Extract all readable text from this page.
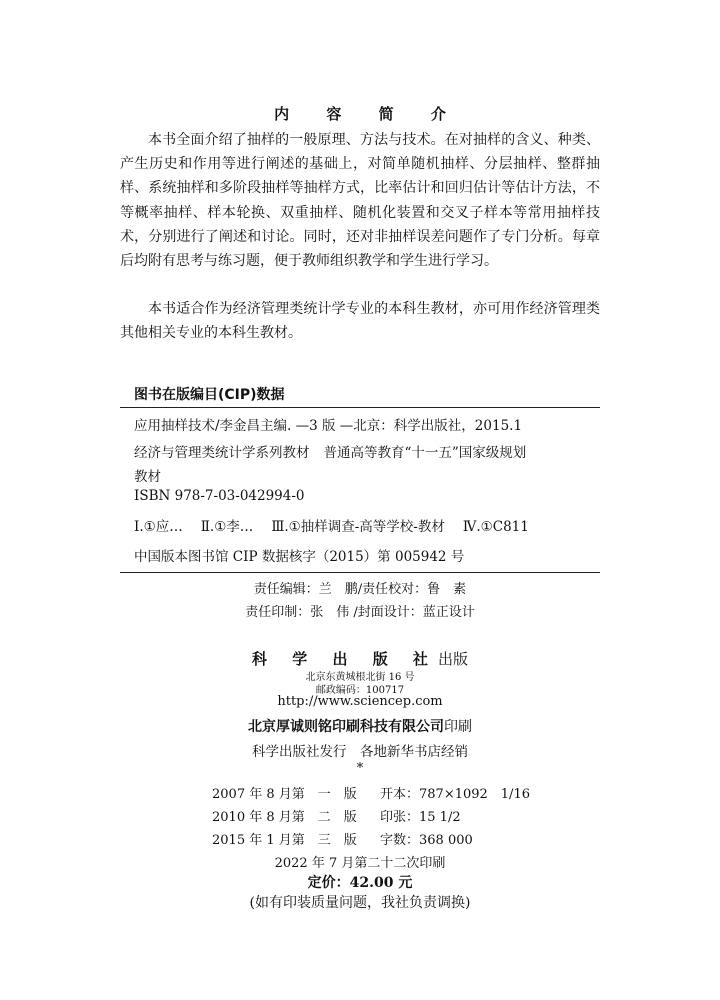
内 容 简 介

本书全面介绍了抽样的一般原理、方法与技术。在对抽样的含义、种类、产生历史和作用等进行阐述的基础上，对简单随机抽样、分层抽样、整群抽样、系统抽样和多阶段抽样等抽样方式，比率估计和回归估计等估计方法，不等概率抽样、样本轮换、双重抽样、随机化装置和交叉子样本等常用抽样技术，分别进行了阐述和讨论。同时，还对非抽样误差问题作了专门分析。每章后均附有思考与练习题，便于教师组织教学和学生进行学习。

本书适合作为经济管理类统计学专业的本科生教材，亦可用作经济管理类其他相关专业的本科生教材。

图书在版编目(CIP)数据
应用抽样技术/李金昌主编. —3 版 —北京：科学出版社，2015.1
经济与管理类统计学系列教材 普通高等教育“十一五”国家级规划
教材
ISBN 978-7-03-042994-0
Ⅰ.①应… Ⅱ.①李… Ⅲ.①抽样调查-高等学校-教材 Ⅳ.①C811
中国版本图书馆 CIP 数据核字（2015）第 005942 号
责任编辑：兰　鹏/责任校对：鲁　素
责任印制：张　伟 /封面设计：蓝正设计
科 学 出 版 社出版
北京东黄城根北街 16 号
邮政编码：100717
http://www.sciencep.com
北京厚诚则铭印刷科技有限公司印刷
科学出版社发行　各地新华书店经销
*
2007 年 8 月第　一　版	开本：787×1092　1/16
2010 年 8 月第　二　版	印张：15 1/2
2015 年 1 月第　三　版	字数：368 000
2022 年 7 月第二十二次印刷
定价：42.00 元
(如有印装质量问题，我社负责调换)
